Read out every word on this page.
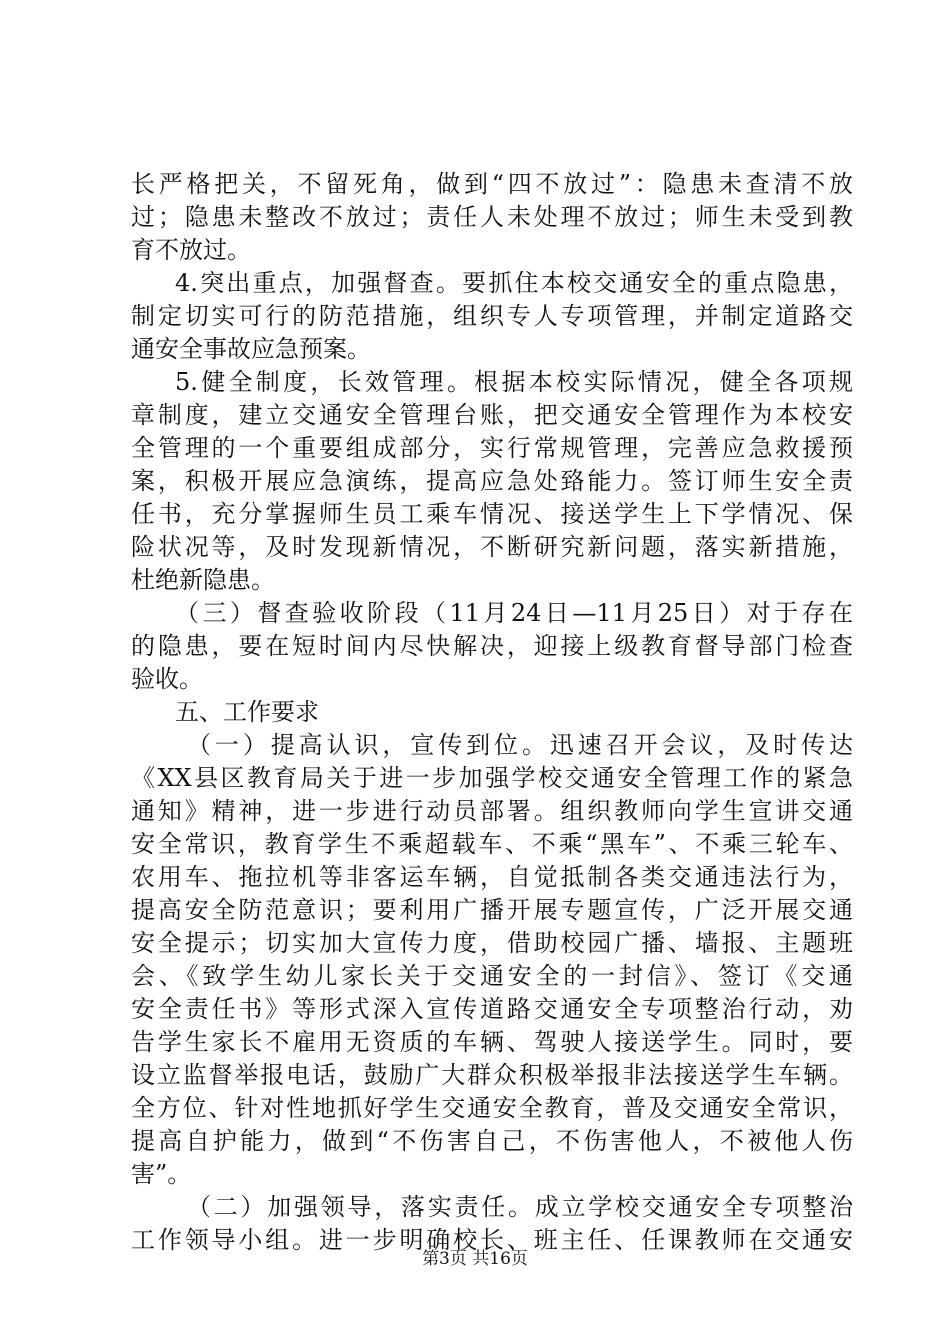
长严格把关，不留死角，做到“四不放过”：隐患未查清不放
过；隐患未整改不放过；责任人未处理不放过；师生未受到教
育不放过。
4.突出重点，加强督查。要抓住本校交通安全的重点隐患，
制定切实可行的防范措施，组织专人专项管理，并制定道路交
通安全事故应急预案。
5.健全制度，长效管理。根据本校实际情况，健全各项规
章制度，建立交通安全管理台账，把交通安全管理作为本校安
全管理的一个重要组成部分，实行常规管理，完善应急救援预
案，积极开展应急演练，提高应急处臵能力。签订师生安全责
任书，充分掌握师生员工乘车情况、接送学生上下学情况、保
险状况等，及时发现新情况，不断研究新问题，落实新措施，
杜绝新隐患。
（三）督查验收阶段（11月24日—11月25日）对于存在
的隐患，要在短时间内尽快解决，迎接上级教育督导部门检查
验收。
五、工作要求
（一）提高认识，宣传到位。迅速召开会议，及时传达
《XX县区教育局关于进一步加强学校交通安全管理工作的紧急
通知》精神，进一步进行动员部署。组织教师向学生宣讲交通
安全常识，教育学生不乘超载车、不乘“黑车”、不乘三轮车、
农用车、拖拉机等非客运车辆，自觉抵制各类交通违法行为，
提高安全防范意识；要利用广播开展专题宣传，广泛开展交通
安全提示；切实加大宣传力度，借助校园广播、墙报、主题班
会、《致学生幼儿家长关于交通安全的一封信》、签订《交通
安全责任书》等形式深入宣传道路交通安全专项整治行动，劝
告学生家长不雇用无资质的车辆、驾驶人接送学生。同时，要
设立监督举报电话，鼓励广大群众积极举报非法接送学生车辆。
全方位、针对性地抓好学生交通安全教育，普及交通安全常识，
提高自护能力，做到“不伤害自己，不伤害他人，不被他人伤
害”。
（二）加强领导，落实责任。成立学校交通安全专项整治
工作领导小组。进一步明确校长、班主任、任课教师在交通安
第3页 共16页
